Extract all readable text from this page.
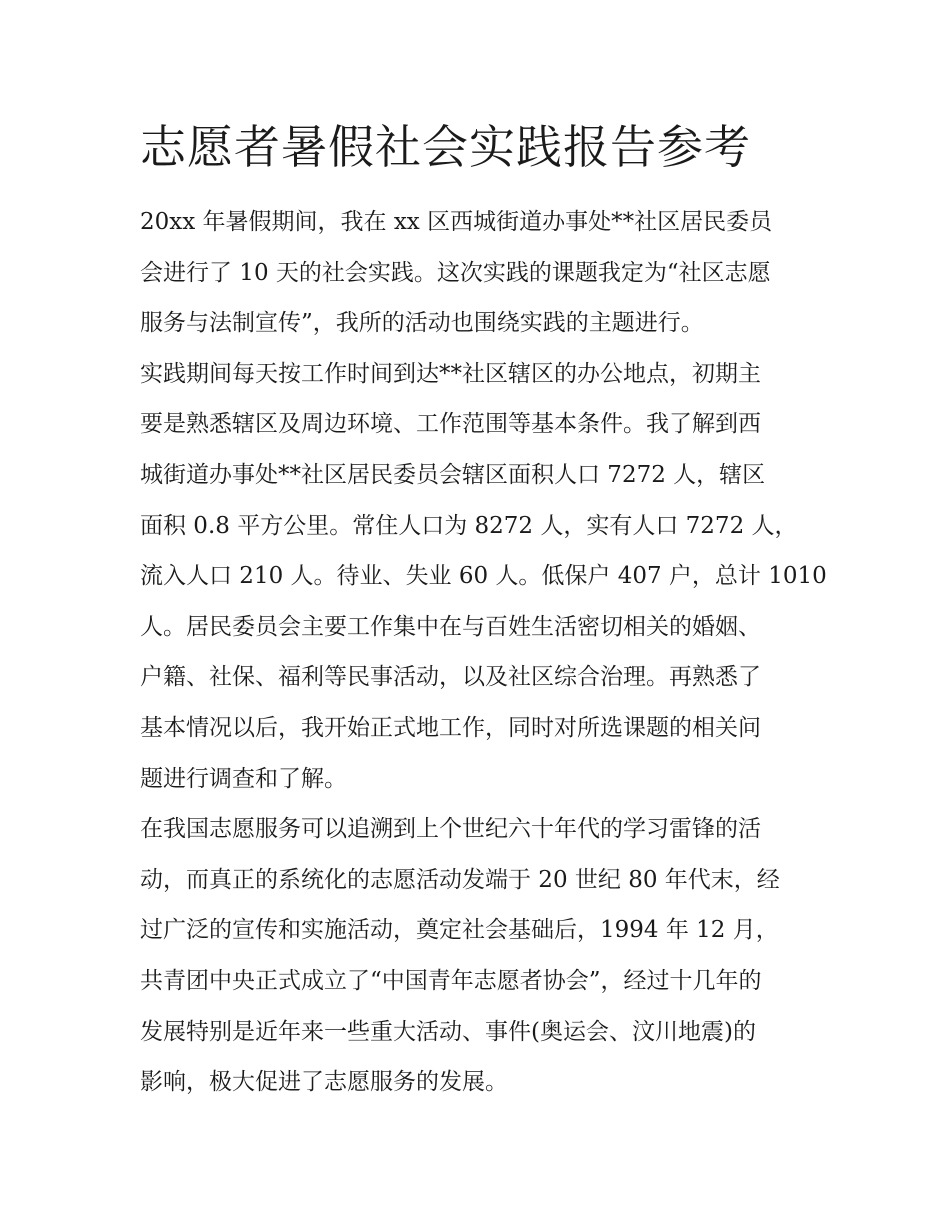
志愿者暑假社会实践报告参考

20xx 年暑假期间，我在 xx 区西城街道办事处**社区居民委员
会进行了 10 天的社会实践。这次实践的课题我定为“社区志愿
服务与法制宣传”，我所的活动也围绕实践的主题进行。

实践期间每天按工作时间到达**社区辖区的办公地点，初期主
要是熟悉辖区及周边环境、工作范围等基本条件。我了解到西
城街道办事处**社区居民委员会辖区面积人口 7272 人，辖区
面积 0.8 平方公里。常住人口为 8272 人，实有人口 7272 人，
流入人口 210 人。待业、失业 60 人。低保户 407 户，总计 1010
人。居民委员会主要工作集中在与百姓生活密切相关的婚姻、
户籍、社保、福利等民事活动，以及社区综合治理。再熟悉了
基本情况以后，我开始正式地工作，同时对所选课题的相关问
题进行调查和了解。

在我国志愿服务可以追溯到上个世纪六十年代的学习雷锋的活
动，而真正的系统化的志愿活动发端于 20 世纪 80 年代末，经
过广泛的宣传和实施活动，奠定社会基础后，1994 年 12 月，
共青团中央正式成立了“中国青年志愿者协会”，经过十几年的
发展特别是近年来一些重大活动、事件(奥运会、汶川地震)的
影响，极大促进了志愿服务的发展。
